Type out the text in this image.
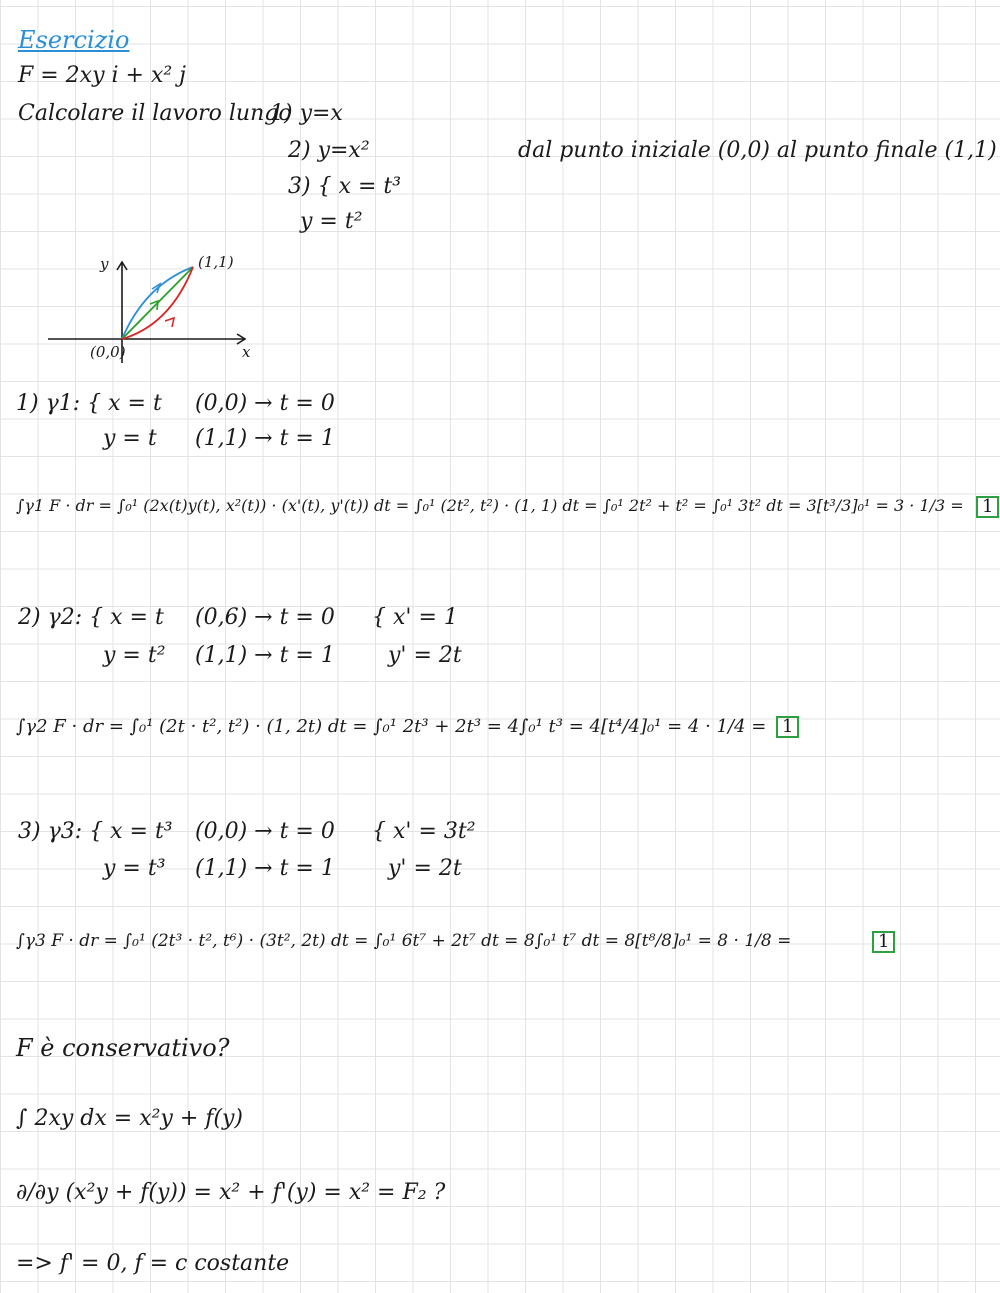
Esercizio
F = 2xy i + x² j
Calcolare il lavoro lungo
1) y=x
2) y=x²
3) { x = t³
y = t²
dal punto iniziale (0,0) al punto finale (1,1)
y
x
(0,0)
(1,1)
1) γ1: { x = t
y = t
(0,0) → t = 0
(1,1) → t = 1
∫γ1 F · dr = ∫₀¹ (2x(t)y(t), x²(t)) · (x'(t), y'(t)) dt = ∫₀¹ (2t², t²) · (1, 1) dt = ∫₀¹ 2t² + t² = ∫₀¹ 3t² dt = 3[t³/3]₀¹ = 3 · 1/3 =	1
2) γ2: { x = t
y = t²
(0,6) → t = 0
(1,1) → t = 1
{ x' = 1
y' = 2t
∫γ2 F · dr = ∫₀¹ (2t · t², t²) · (1, 2t) dt = ∫₀¹ 2t³ + 2t³ = 4∫₀¹ t³ = 4[t⁴/4]₀¹ = 4 · 1/4 = 1
3) γ3: { x = t³
y = t³
(0,0) → t = 0
(1,1) → t = 1
{ x' = 3t²
y' = 2t
∫γ3 F · dr = ∫₀¹ (2t³ · t², t⁶) · (3t², 2t) dt = ∫₀¹ 6t⁷ + 2t⁷ dt = 8∫₀¹ t⁷ dt = 8[t⁸/8]₀¹ = 8 · 1/8 =	1
F è conservativo?
∫ 2xy dx = x²y + f(y)
∂/∂y (x²y + f(y)) = x² + f'(y) = x² = F₂ ?
=> f' = 0, f = c costante
